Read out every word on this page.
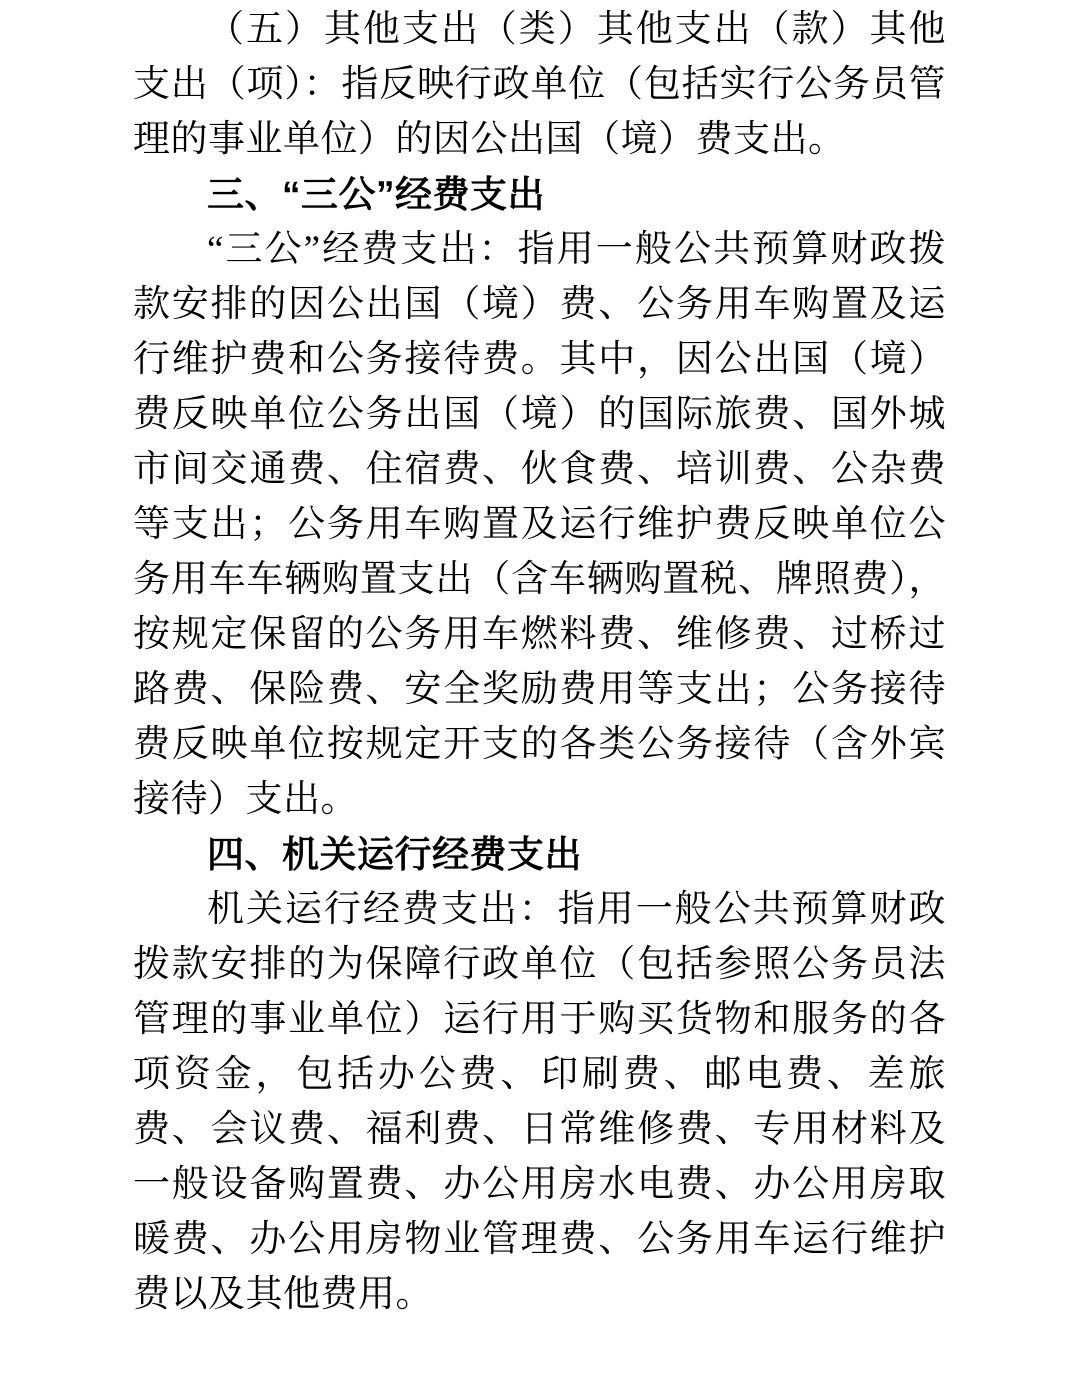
（五）其他支出（类）其他支出（款）其他支出（项）：指反映行政单位（包括实行公务员管理的事业单位）的因公出国（境）费支出。

三、“三公”经费支出

“三公”经费支出：指用一般公共预算财政拨款安排的因公出国（境）费、公务用车购置及运行维护费和公务接待费。其中，因公出国（境）费反映单位公务出国（境）的国际旅费、国外城市间交通费、住宿费、伙食费、培训费、公杂费等支出；公务用车购置及运行维护费反映单位公务用车车辆购置支出（含车辆购置税、牌照费），按规定保留的公务用车燃料费、维修费、过桥过路费、保险费、安全奖励费用等支出；公务接待费反映单位按规定开支的各类公务接待（含外宾接待）支出。

四、机关运行经费支出

机关运行经费支出：指用一般公共预算财政拨款安排的为保障行政单位（包括参照公务员法管理的事业单位）运行用于购买货物和服务的各项资金，包括办公费、印刷费、邮电费、差旅费、会议费、福利费、日常维修费、专用材料及一般设备购置费、办公用房水电费、办公用房取暖费、办公用房物业管理费、公务用车运行维护费以及其他费用。
